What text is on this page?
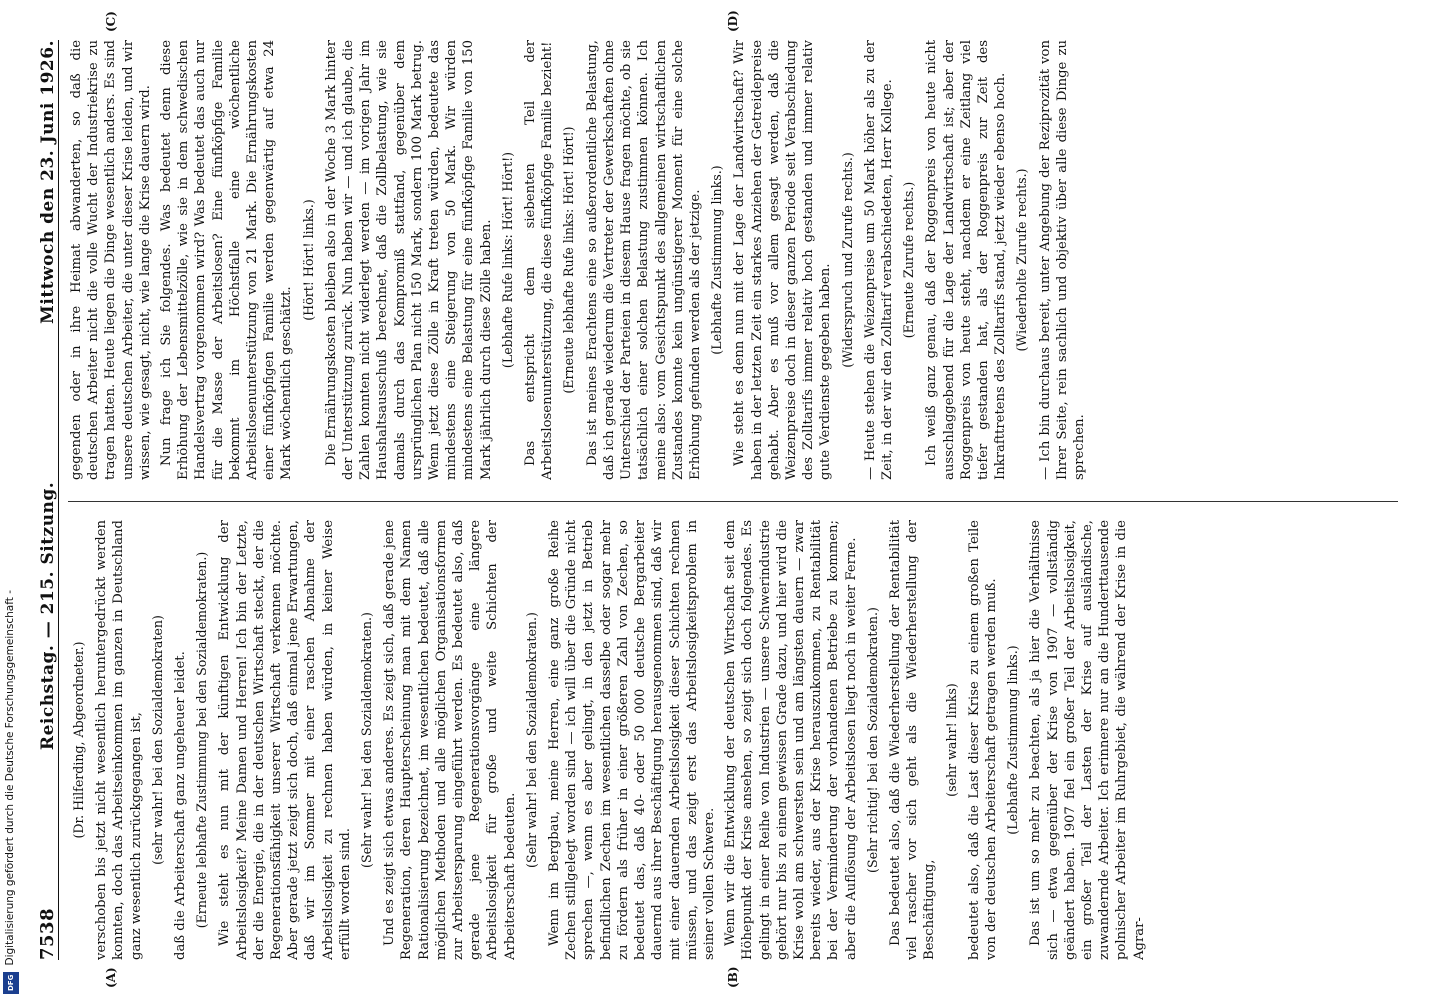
7538
Reichstag. — 215. Sitzung.
Mittwoch den 23. Juni 1926.
(A)	(B)
(C)	(D)

(Dr. Hilferding, Abgeordneter.) verschoben bis jetzt nicht wesentlich heruntergedrückt werden konnten, doch das Arbeitseinkommen im ganzen in Deutschland ganz wesentlich zurückgegangen ist, (sehr wahr! bei den Sozialdemokraten) daß die Arbeiterschaft ganz ungeheuer leidet. (Erneute lebhafte Zustimmung bei den Sozialdemokraten.) Wie steht es nun mit der künftigen Entwicklung der Arbeitslosigkeit? Meine Damen und Herren! Ich bin der Letzte, der die Energie, die in der deutschen Wirtschaft steckt, der die Regenerationsfähigkeit unserer Wirtschaft verkennen möchte. Aber gerade jetzt zeigt sich doch, daß einmal jene Erwartungen, daß wir im Sommer mit einer raschen Abnahme der Arbeitslosigkeit zu rechnen haben würden, in keiner Weise erfüllt worden sind.

(Sehr wahr! bei den Sozialdemokraten.) Und es zeigt sich etwas anderes. Es zeigt sich, daß gerade jene Regeneration, deren Haupterscheinung man mit dem Namen Rationalisierung bezeichnet, im wesentlichen bedeutet, daß alle möglichen Methoden und alle möglichen Organisationsformen zur Arbeitsersparung eingeführt werden. Es bedeutet also, daß gerade jene Regenerationsvorgänge eine längere Arbeitslosigkeit für große und weite Schichten der Arbeiterschaft bedeuten.

(Sehr wahr! bei den Sozialdemokraten.) Wenn im Bergbau, meine Herren, eine ganz große Reihe Zechen stillgelegt worden sind — ich will über die Gründe nicht sprechen —, wenn es aber gelingt, in den jetzt in Betrieb befindlichen Zechen im wesentlichen dasselbe oder sogar mehr zu fördern als früher in einer größeren Zahl von Zechen, so bedeutet das, daß 40- oder 50 000 deutsche Bergarbeiter dauernd aus ihrer Beschäftigung herausgenommen sind, daß wir mit einer dauernden Arbeitslosigkeit dieser Schichten rechnen müssen, und das zeigt erst das Arbeitslosigkeitsproblem in seiner vollen Schwere. Wenn wir die Entwicklung der deutschen Wirtschaft seit dem Höhepunkt der Krise ansehen, so zeigt sich doch folgendes. Es gelingt in einer Reihe von Industrien — unsere Schwerindustrie gehört nur bis zu einem gewissen Grade dazu, und hier wird die Krise wohl am schwersten sein und am längsten dauern — zwar bereits wieder, aus der Krise herauszukommen, zu Rentabilität bei der Verminderung der vorhandenen Betriebe zu kommen; aber die Auflösung der Arbeitslosen liegt noch in weiter Ferne. (Sehr richtig! bei den Sozialdemokraten.) Das bedeutet also, daß die Wiederherstellung der Rentabilität viel rascher vor sich geht als die Wiederherstellung der Beschäftigung,

(sehr wahr! links) bedeutet also, daß die Last dieser Krise zu einem großen Teile von der deutschen Arbeiterschaft getragen werden muß. (Lebhafte Zustimmung links.) Das ist um so mehr zu beachten, als ja hier die Verhältnisse sich — etwa gegenüber der Krise von 1907 — vollständig geändert haben. 1907 fiel ein großer Teil der Arbeitslosigkeit, ein großer Teil der Lasten der Krise auf ausländische, zuwandernde Arbeiter. Ich erinnere nur an die Hunderttausende polnischer Arbeiter im Ruhrgebiet, die während der Krise in die Agrar-

gegenden oder in ihre Heimat abwanderten, so daß die deutschen Arbeiter nicht die volle Wucht der Industriekrise zu tragen hatten. Heute liegen die Dinge wesentlich anders. Es sind unsere deutschen Arbeiter, die unter dieser Krise leiden, und wir wissen, wie gesagt, nicht, wie lange die Krise dauern wird. Nun frage ich Sie folgendes. Was bedeutet denn diese Erhöhung der Lebensmittelzölle, wie sie in dem schwedischen Handelsvertrag vorgenommen wird? Was bedeutet das auch nur für die Masse der Arbeitslosen? Eine fünfköpfige Familie bekommt im Höchstfalle eine wöchentliche Arbeitslosenunterstützung von 21 Mark. Die Ernährungskosten einer fünfköpfigen Familie werden gegenwärtig auf etwa 24 Mark wöchentlich geschätzt.

(Hört! Hört! links.) Die Ernährungskosten bleiben also in der Woche 3 Mark hinter der Unterstützung zurück. Nun haben wir — und ich glaube, die Zahlen konnten nicht widerlegt werden — im vorigen Jahr im Haushaltsausschuß berechnet, daß die Zollbelastung, wie sie damals durch das Kompromiß stattfand, gegenüber dem ursprünglichen Plan nicht 150 Mark, sondern 100 Mark betrug. Wenn jetzt diese Zölle in Kraft treten würden, bedeutete das mindestens eine Steigerung von 50 Mark. Wir würden mindestens eine Belastung für eine fünfköpfige Familie von 150 Mark jährlich durch diese Zölle haben. (Lebhafte Rufe links: Hört! Hört!) Das entspricht dem siebenten Teil der Arbeitslosenunterstützung, die diese fünfköpfige Familie bezieht! (Erneute lebhafte Rufe links: Hört! Hört!) Das ist meines Erachtens eine so außerordentliche Belastung, daß ich gerade wiederum die Vertreter der Gewerkschaften ohne Unterschied der Parteien in diesem Hause fragen möchte, ob sie tatsächlich einer solchen Belastung zustimmen können. Ich meine also: vom Gesichtspunkt des allgemeinen wirtschaftlichen Zustandes konnte kein ungünstigerer Moment für eine solche Erhöhung gefunden werden als der jetzige. (Lebhafte Zustimmung links.) Wie steht es denn nun mit der Lage der Landwirtschaft? Wir haben in der letzten Zeit ein starkes Anziehen der Getreidepreise gehabt. Aber es muß vor allem gesagt werden, daß die Weizenpreise doch in dieser ganzen Periode seit Verabschiedung des Zolltarifs immer relativ hoch gestanden und immer relativ gute Verdienste gegeben haben.

(Widerspruch und Zurufe rechts.) — Heute stehen die Weizenpreise um 50 Mark höher als zu der Zeit, in der wir den Zolltarif verabschiedeten, Herr Kollege. (Erneute Zurufe rechts.) Ich weiß ganz genau, daß der Roggenpreis von heute nicht ausschlaggebend für die Lage der Landwirtschaft ist; aber der Roggenpreis von heute steht, nachdem er eine Zeitlang viel tiefer gestanden hat, als der Roggenpreis zur Zeit des Inkrafttretens des Zolltarifs stand, jetzt wieder ebenso hoch. (Wiederholte Zurufe rechts.) — Ich bin durchaus bereit, unter Angebung der Reziprozität von Ihrer Seite, rein sachlich und objektiv über alle diese Dinge zu sprechen.

Digitalisierung gefördert durch die Deutsche Forschungsgemeinschaft -
DFG
